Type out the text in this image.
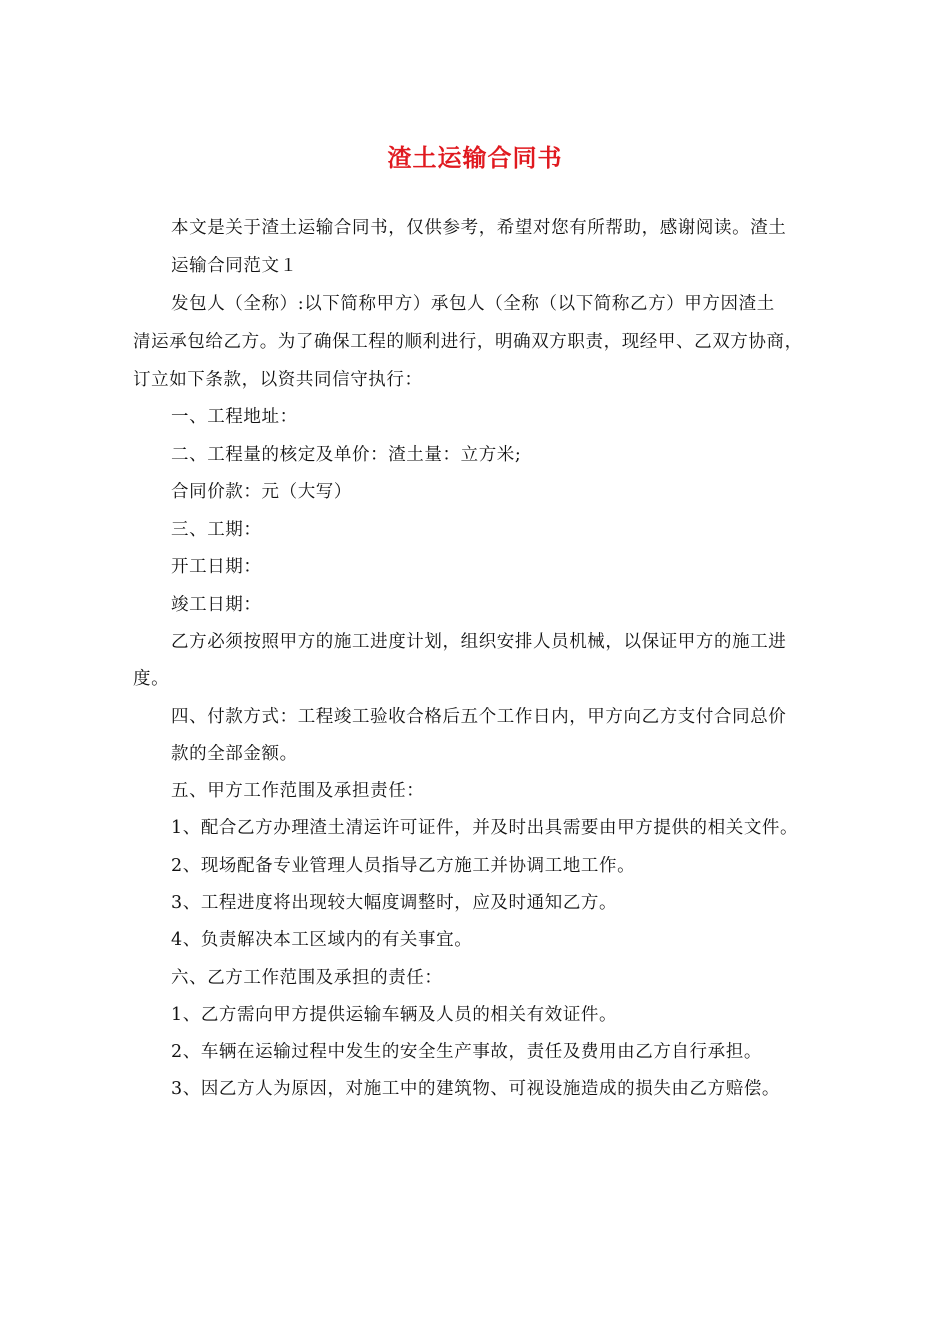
渣土运输合同书
本文是关于渣土运输合同书，仅供参考，希望对您有所帮助，感谢阅读。渣土
运输合同范文１
发包人（全称）:以下简称甲方）承包人（全称（以下简称乙方）甲方因渣土
清运承包给乙方。为了确保工程的顺利进行，明确双方职责，现经甲、乙双方协商，
订立如下条款，以资共同信守执行：
一、工程地址：
二、工程量的核定及单价：渣土量：立方米;
合同价款：元（大写）
三、工期：
开工日期：
竣工日期：
乙方必须按照甲方的施工进度计划，组织安排人员机械，以保证甲方的施工进
度。
四、付款方式：工程竣工验收合格后五个工作日内，甲方向乙方支付合同总价
款的全部金额。
五、甲方工作范围及承担责任：
1、配合乙方办理渣土清运许可证件，并及时出具需要由甲方提供的相关文件。
2、现场配备专业管理人员指导乙方施工并协调工地工作。
3、工程进度将出现较大幅度调整时，应及时通知乙方。
4、负责解决本工区域内的有关事宜。
六、乙方工作范围及承担的责任：
1、乙方需向甲方提供运输车辆及人员的相关有效证件。
2、车辆在运输过程中发生的安全生产事故，责任及费用由乙方自行承担。
3、因乙方人为原因，对施工中的建筑物、可视设施造成的损失由乙方赔偿。
